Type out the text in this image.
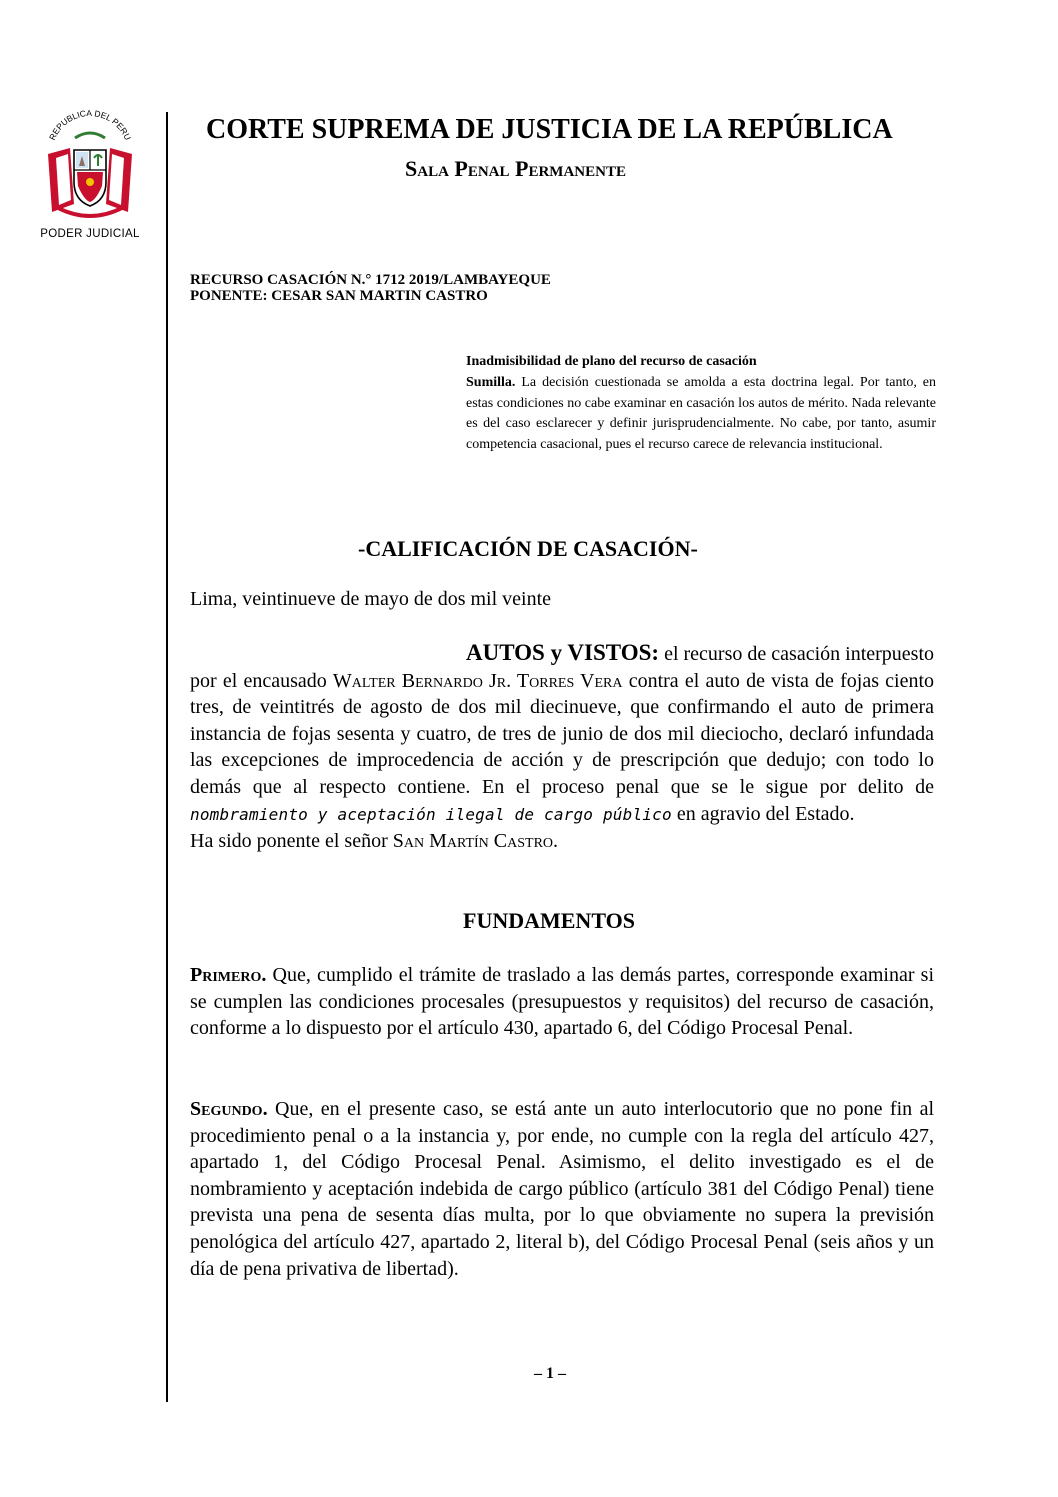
REPUBLICA DEL PERU
PODER JUDICIAL
CORTE SUPREMA DE JUSTICIA DE LA REPÚBLICA
Sala Penal Permanente
RECURSO CASACIÓN N.° 1712 2019/LAMBAYEQUE
PONENTE: CESAR SAN MARTIN CASTRO
Inadmisibilidad de plano del recurso de casación
Sumilla. La decisión cuestionada se amolda a esta doctrina legal. Por tanto, en estas condiciones no cabe examinar en casación los autos de mérito. Nada relevante es del caso esclarecer y definir jurisprudencialmente. No cabe, por tanto, asumir competencia casacional, pues el recurso carece de relevancia institucional.
-CALIFICACIÓN DE CASACIÓN-
Lima, veintinueve de mayo de dos mil veinte
AUTOS y VISTOS: el recurso de casación interpuesto por el encausado Walter Bernardo Jr. Torres Vera contra el auto de vista de fojas ciento tres, de veintitrés de agosto de dos mil diecinueve, que confirmando el auto de primera instancia de fojas sesenta y cuatro, de tres de junio de dos mil dieciocho, declaró infundada las excepciones de improcedencia de acción y de prescripción que dedujo; con todo lo demás que al respecto contiene. En el proceso penal que se le sigue por delito de nombramiento y aceptación ilegal de cargo público en agravio del Estado.
Ha sido ponente el señor San Martín Castro.
FUNDAMENTOS
Primero. Que, cumplido el trámite de traslado a las demás partes, corresponde examinar si se cumplen las condiciones procesales (presupuestos y requisitos) del recurso de casación, conforme a lo dispuesto por el artículo 430, apartado 6, del Código Procesal Penal.
Segundo. Que, en el presente caso, se está ante un auto interlocutorio que no pone fin al procedimiento penal o a la instancia y, por ende, no cumple con la regla del artículo 427, apartado 1, del Código Procesal Penal. Asimismo, el delito investigado es el de nombramiento y aceptación indebida de cargo público (artículo 381 del Código Penal) tiene prevista una pena de sesenta días multa, por lo que obviamente no supera la previsión penológica del artículo 427, apartado 2, literal b), del Código Procesal Penal (seis años y un día de pena privativa de libertad).
– 1 –
